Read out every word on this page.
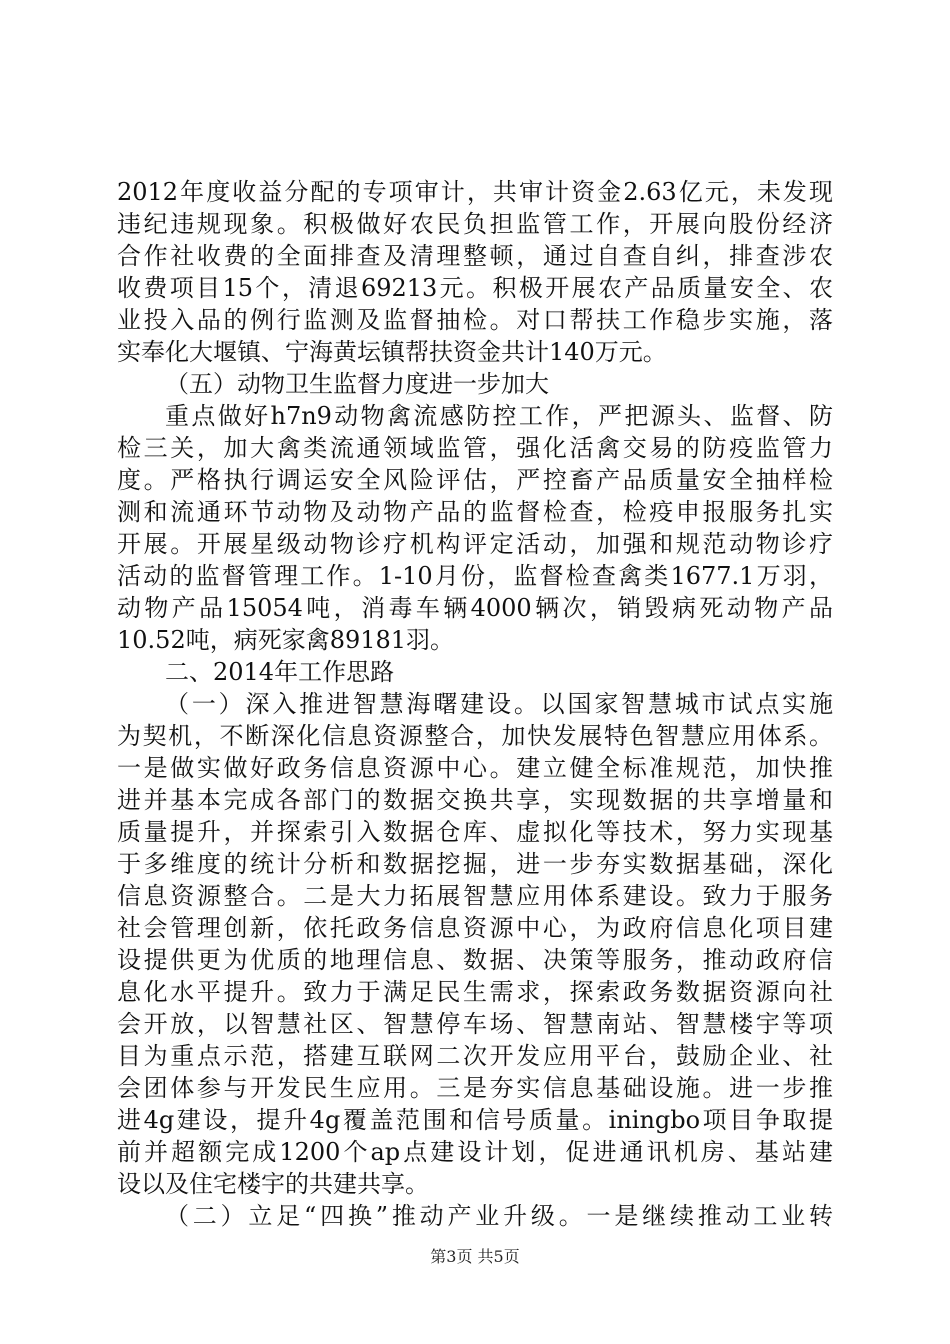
2012年度收益分配的专项审计，共审计资金2.63亿元，未发现
违纪违规现象。积极做好农民负担监管工作，开展向股份经济
合作社收费的全面排查及清理整顿，通过自查自纠，排查涉农
收费项目15个，清退69213元。积极开展农产品质量安全、农
业投入品的例行监测及监督抽检。对口帮扶工作稳步实施，落
实奉化大堰镇、宁海黄坛镇帮扶资金共计140万元。
（五）动物卫生监督力度进一步加大
重点做好h7n9动物禽流感防控工作，严把源头、监督、防
检三关，加大禽类流通领域监管，强化活禽交易的防疫监管力
度。严格执行调运安全风险评估，严控畜产品质量安全抽样检
测和流通环节动物及动物产品的监督检查，检疫申报服务扎实
开展。开展星级动物诊疗机构评定活动，加强和规范动物诊疗
活动的监督管理工作。1-10月份，监督检查禽类1677.1万羽，
动物产品15054吨，消毒车辆4000辆次，销毁病死动物产品
10.52吨，病死家禽89181羽。
二、2014年工作思路
（一）深入推进智慧海曙建设。以国家智慧城市试点实施
为契机，不断深化信息资源整合，加快发展特色智慧应用体系。
一是做实做好政务信息资源中心。建立健全标准规范，加快推
进并基本完成各部门的数据交换共享，实现数据的共享增量和
质量提升，并探索引入数据仓库、虚拟化等技术，努力实现基
于多维度的统计分析和数据挖掘，进一步夯实数据基础，深化
信息资源整合。二是大力拓展智慧应用体系建设。致力于服务
社会管理创新，依托政务信息资源中心，为政府信息化项目建
设提供更为优质的地理信息、数据、决策等服务，推动政府信
息化水平提升。致力于满足民生需求，探索政务数据资源向社
会开放，以智慧社区、智慧停车场、智慧南站、智慧楼宇等项
目为重点示范，搭建互联网二次开发应用平台，鼓励企业、社
会团体参与开发民生应用。三是夯实信息基础设施。进一步推
进4g建设，提升4g覆盖范围和信号质量。iningbo项目争取提
前并超额完成1200个ap点建设计划，促进通讯机房、基站建
设以及住宅楼宇的共建共享。
（二）立足“四换”推动产业升级。一是继续推动工业转
第3页 共5页
